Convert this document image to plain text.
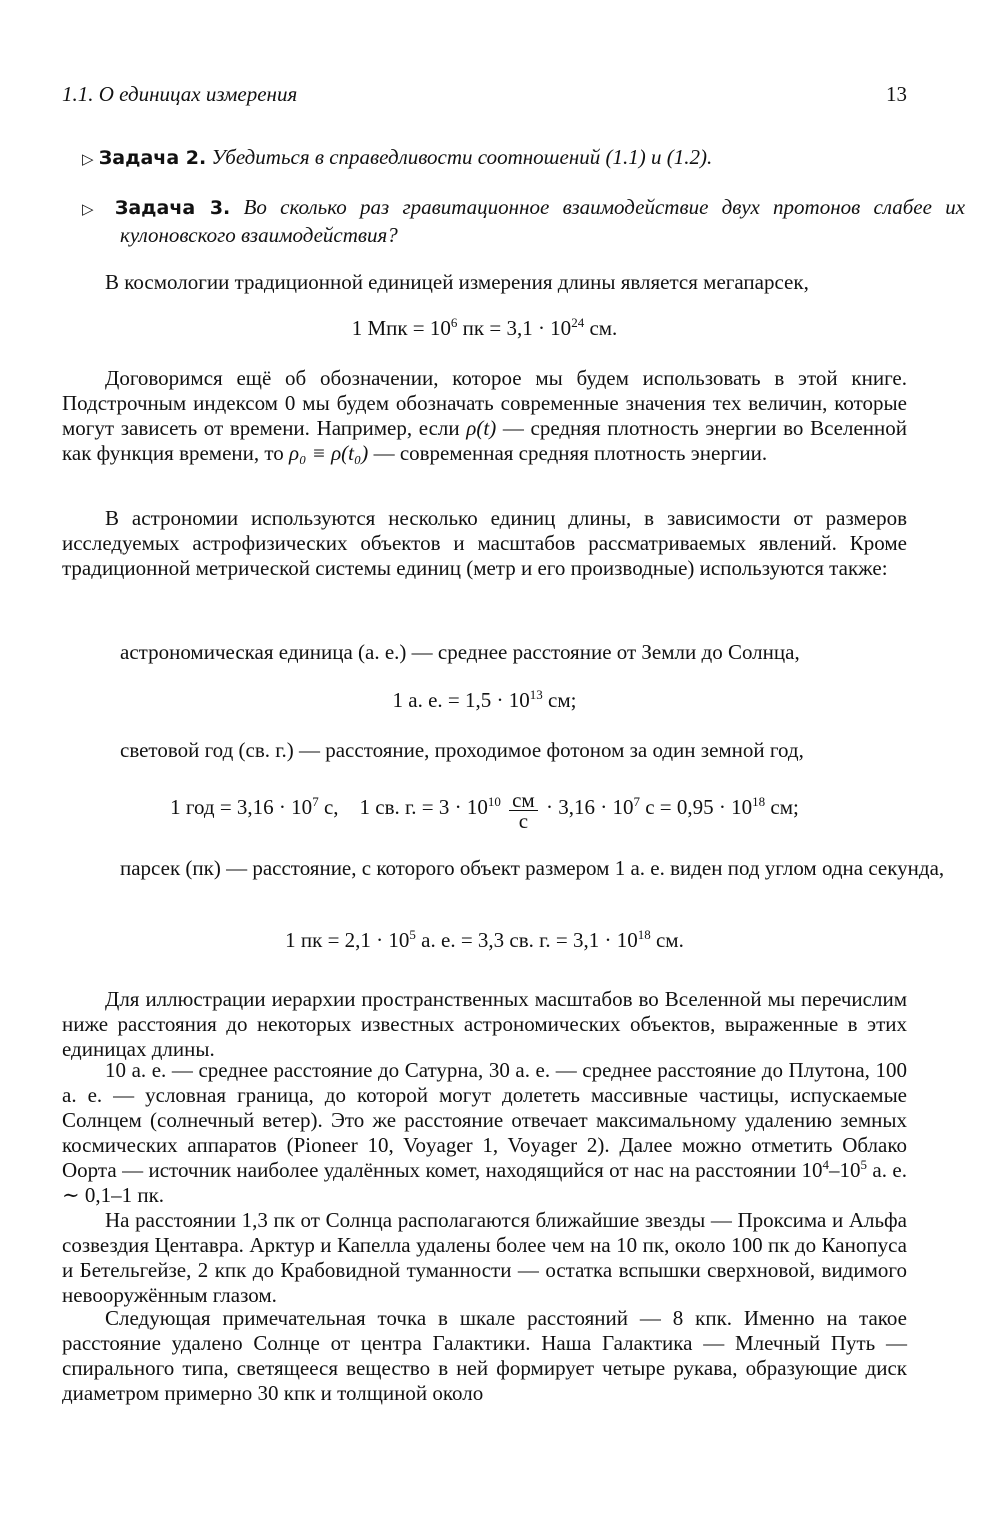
1.1. О единицах измерения	13
▷ Задача 2. Убедиться в справедливости соотношений (1.1) и (1.2).
▷ Задача 3. Во сколько раз гравитационное взаимодействие двух протонов слабее их кулоновского взаимодействия?
В космологии традиционной единицей измерения длины является мегапарсек,
1 Мпк = $10^6$ пк = $3,1 \cdot 10^{24}$ см.
Договоримся ещё об обозначении, которое мы будем использовать в этой книге. Подстрочным индексом 0 мы будем обозначать современные значения тех величин, которые могут зависеть от времени. Например, если ρ(t) — средняя плотность энергии во Вселенной как функция времени, то ρ₀ ≡ ρ(t₀) — современная средняя плотность энергии.
В астрономии используются несколько единиц длины, в зависимости от размеров исследуемых астрофизических объектов и масштабов рассматриваемых явлений. Кроме традиционной метрической системы единиц (метр и его производные) используются также:
астрономическая единица (а. е.) — среднее расстояние от Земли до Солнца,
1 а. е. = $1,5 \cdot 10^{13}$ см;
световой год (св. г.) — расстояние, проходимое фотоном за один земной год,
1 год = $3,16 \cdot 10^7$ с,    1 св. г. = $3 \cdot 10^{10} \frac{см}{с} \cdot 3,16 \cdot 10^7$ $с = 0,95 \cdot 10^{18}$ см;
парсек (пк) — расстояние, с которого объект размером 1 а. е. виден под углом одна секунда,
1 пк = $2,1 \cdot 10^5$ а. е. = 3,3 св. г. = $3,1 \cdot 10^{18}$ см.
Для иллюстрации иерархии пространственных масштабов во Вселенной мы перечислим ниже расстояния до некоторых известных астрономических объектов, выраженные в этих единицах длины.
10 а. е. — среднее расстояние до Сатурна, 30 а. е. — среднее расстояние до Плутона, 100 а. е. — условная граница, до которой могут долететь массивные частицы, испускаемые Солнцем (солнечный ветер). Это же расстояние отвечает максимальному удалению земных космических аппаратов (Pioneer 10, Voyager 1, Voyager 2). Далее можно отметить Облако Оорта — источник наиболее удалённых комет, находящийся от нас на расстоянии $10^4-10^5$ а. е. ∼ 0,1–1 пк.
На расстоянии 1,3 пк от Солнца располагаются ближайшие звезды — Проксима и Альфа созвездия Центавра. Арктур и Капелла удалены более чем на 10 пк, около 100 пк до Канопуса и Бетельгейзе, 2 кпк до Крабовидной туманности — остатка вспышки сверхновой, видимого невооружённым глазом.
Следующая примечательная точка в шкале расстояний — 8 кпк. Именно на такое расстояние удалено Солнце от центра Галактики. Наша Галактика — Млечный Путь — спирального типа, светящееся вещество в ней формирует четыре рукава, образующие диск диаметром примерно 30 кпк и толщиной около
